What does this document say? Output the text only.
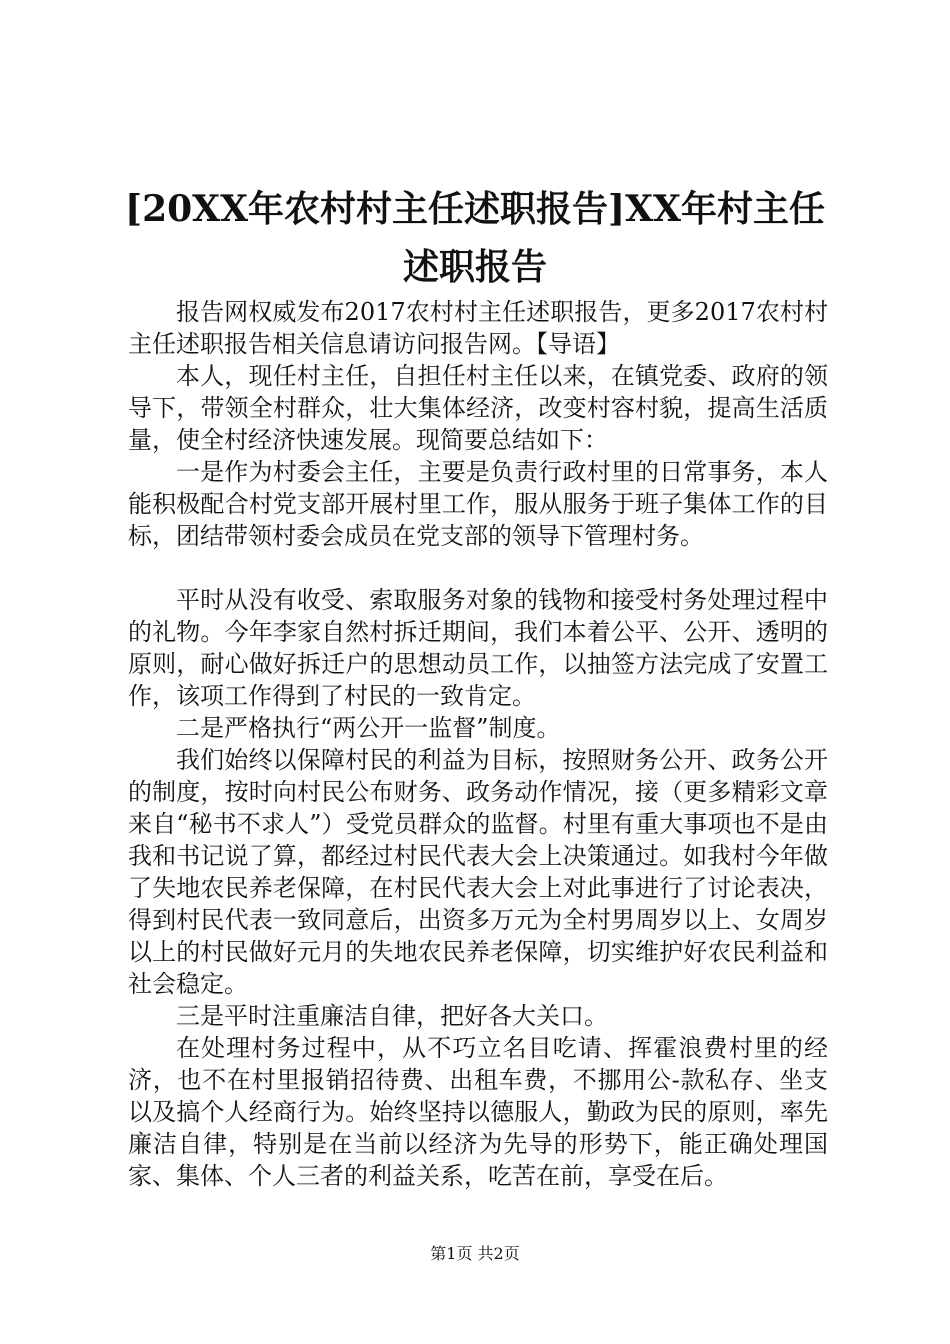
[20XX年农村村主任述职报告]XX年村主任述职报告

报告网权威发布2017农村村主任述职报告，更多2017农村村主任述职报告相关信息请访问报告网。【导语】

本人，现任村主任，自担任村主任以来，在镇党委、政府的领导下，带领全村群众，壮大集体经济，改变村容村貌，提高生活质量，使全村经济快速发展。现简要总结如下：

一是作为村委会主任，主要是负责行政村里的日常事务，本人能积极配合村党支部开展村里工作，服从服务于班子集体工作的目标，团结带领村委会成员在党支部的领导下管理村务。

平时从没有收受、索取服务对象的钱物和接受村务处理过程中的礼物。今年李家自然村拆迁期间，我们本着公平、公开、透明的原则，耐心做好拆迁户的思想动员工作，以抽签方法完成了安置工作，该项工作得到了村民的一致肯定。

二是严格执行“两公开一监督”制度。

我们始终以保障村民的利益为目标，按照财务公开、政务公开的制度，按时向村民公布财务、政务动作情况，接（更多精彩文章来自“秘书不求人”）受党员群众的监督。村里有重大事项也不是由我和书记说了算，都经过村民代表大会上决策通过。如我村今年做了失地农民养老保障，在村民代表大会上对此事进行了讨论表决，得到村民代表一致同意后，出资多万元为全村男周岁以上、女周岁以上的村民做好元月的失地农民养老保障，切实维护好农民利益和社会稳定。

三是平时注重廉洁自律，把好各大关口。

在处理村务过程中，从不巧立名目吃请、挥霍浪费村里的经济，也不在村里报销招待费、出租车费，不挪用公-款私存、坐支以及搞个人经商行为。始终坚持以德服人，勤政为民的原则，率先廉洁自律，特别是在当前以经济为先导的形势下，能正确处理国家、集体、个人三者的利益关系，吃苦在前，享受在后。

第1页 共2页
